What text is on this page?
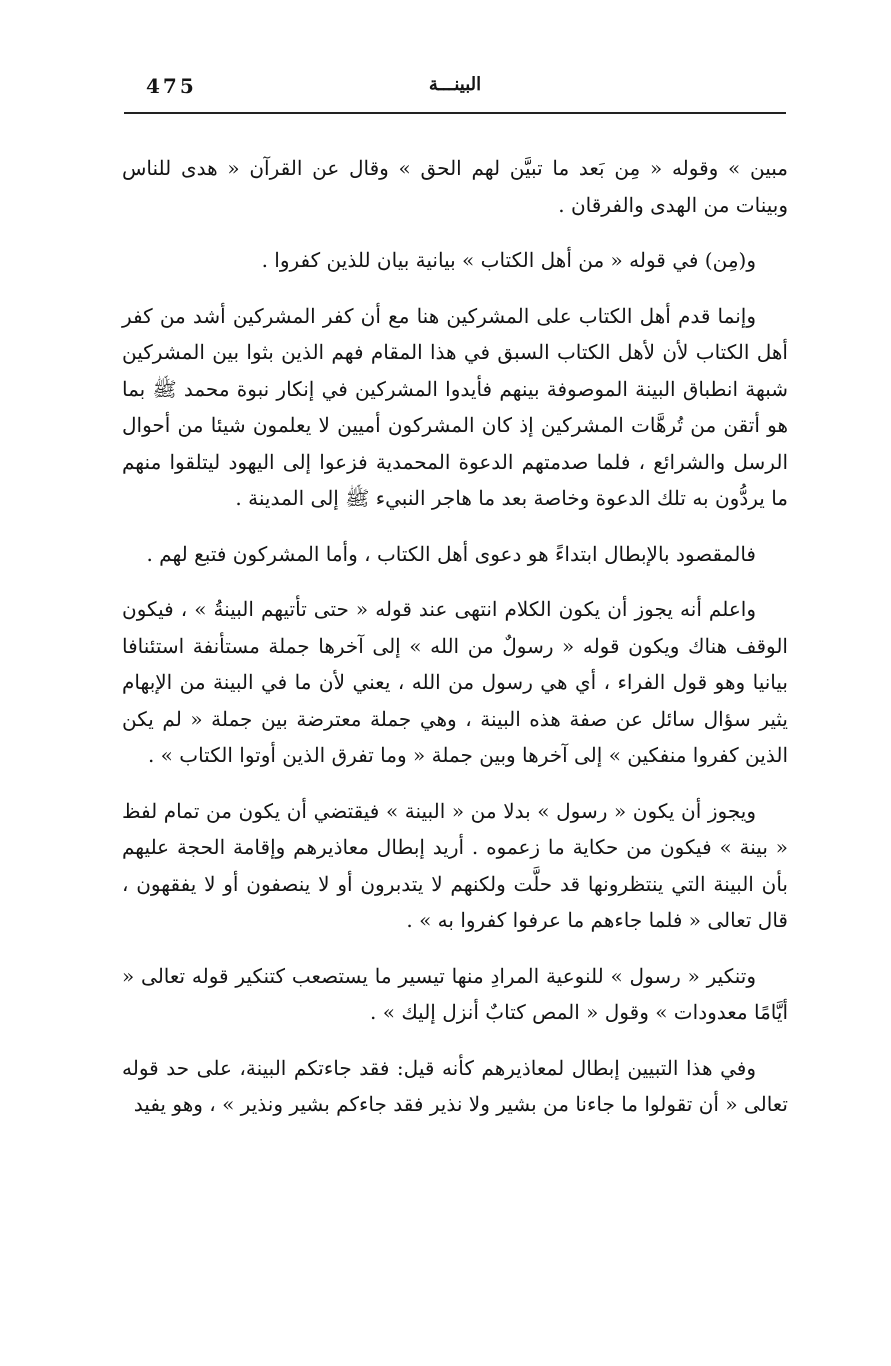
475	البينـــة

مبين » وقوله « مِن بَعد ما تبيَّن لهم الحق » وقال عن القرآن « هدى للناس وبينات من الهدى والفرقان .

و(مِن) في قوله « من أهل الكتاب » بيانية بيان للذين كفروا .

وإنما قدم أهل الكتاب على المشركين هنا مع أن كفر المشركين أشد من كفر أهل الكتاب لأن لأهل الكتاب السبق في هذا المقام فهم الذين بثوا بين المشركين شبهة انطباق البينة الموصوفة بينهم فأيدوا المشركين في إنكار نبوة محمد ﷺ بما هو أتقن من تُرهَّات المشركين إذ كان المشركون أميين لا يعلمون شيئا من أحوال الرسل والشرائع ، فلما صدمتهم الدعوة المحمدية فزعوا إلى اليهود ليتلقوا منهم ما يردُّون به تلك الدعوة وخاصة بعد ما هاجر النبيء ﷺ إلى المدينة .

فالمقصود بالإبطال ابتداءً هو دعوى أهل الكتاب ، وأما المشركون فتبع لهم .

واعلم أنه يجوز أن يكون الكلام انتهى عند قوله « حتى تأتيهم البينةُ » ، فيكون الوقف هناك ويكون قوله « رسولٌ من الله » إلى آخرها جملة مستأنفة استئنافا بيانيا وهو قول الفراء ، أي هي رسول من الله ، يعني لأن ما في البينة من الإبهام يثير سؤال سائل عن صفة هذه البينة ، وهي جملة معترضة بين جملة « لم يكن الذين كفروا منفكين » إلى آخرها وبين جملة « وما تفرق الذين أوتوا الكتاب » .

ويجوز أن يكون « رسول » بدلا من « البينة » فيقتضي أن يكون من تمام لفظ « بينة » فيكون من حكاية ما زعموه . أريد إبطال معاذيرهم وإقامة الحجة عليهم بأن البينة التي ينتظرونها قد حلَّت ولكنهم لا يتدبرون أو لا ينصفون أو لا يفقهون ، قال تعالى « فلما جاءهم ما عرفوا كفروا به » .

وتنكير « رسول » للنوعية المرادِ منها تيسير ما يستصعب كتنكير قوله تعالى « أيَّامًا معدودات » وقول « المص كتابٌ أنزل إليك » .

وفي هذا التبيين إبطال لمعاذيرهم كأنه قيل: فقد جاءتكم البينة، على حد قوله تعالى « أن تقولوا ما جاءنا من بشير ولا نذير فقد جاءكم بشير ونذير » ، وهو يفيد
